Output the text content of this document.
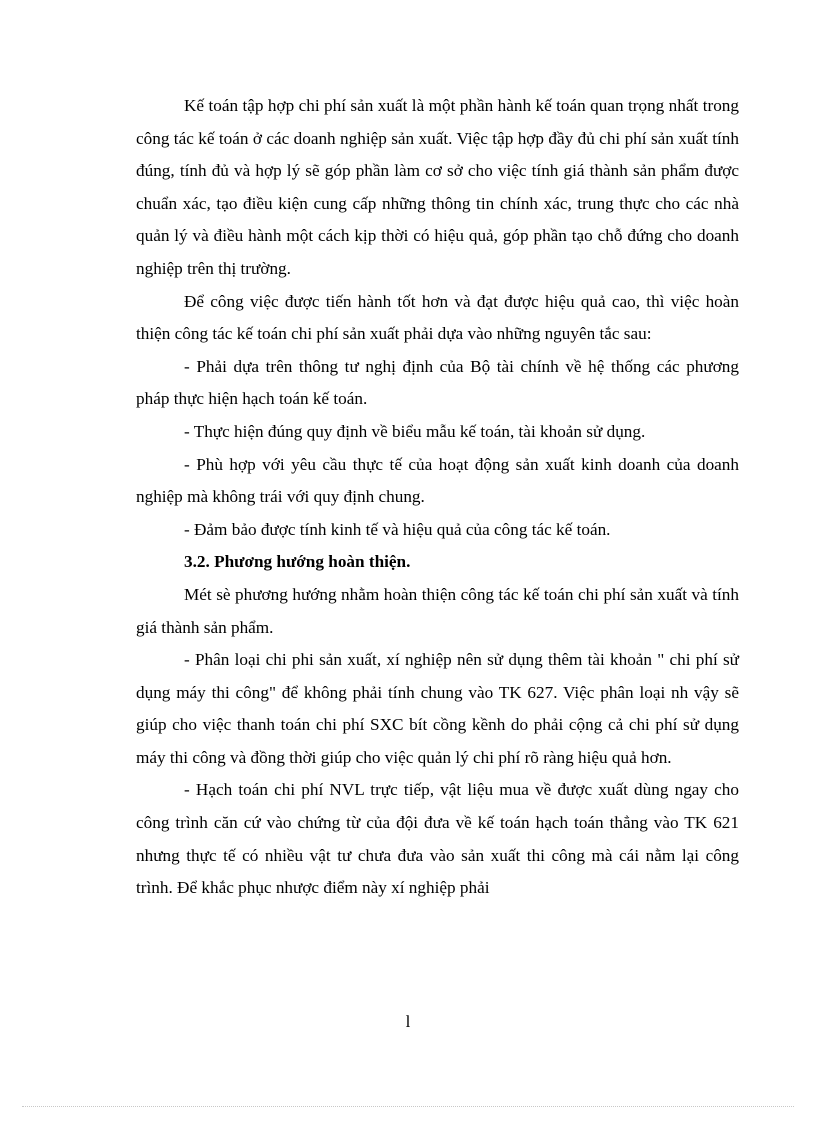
Kế toán tập hợp chi phí sản xuất là một phần hành kế toán quan trọng nhất trong công tác kế toán ở các doanh nghiệp sản xuất. Việc tập hợp đầy đủ chi phí sản xuất tính đúng, tính đủ và hợp lý sẽ góp phần làm cơ sở cho việc tính giá thành sản phẩm được chuẩn xác, tạo điều kiện cung cấp những thông tin chính xác, trung thực cho các nhà quản lý và điều hành một cách kịp thời có hiệu quả, góp phần tạo chỗ đứng cho doanh nghiệp trên thị trường.

Để công việc được tiến hành tốt hơn và đạt được hiệu quả cao, thì việc hoàn thiện công tác kế toán chi phí sản xuất phải dựa vào những nguyên tắc sau:

- Phải dựa trên thông tư nghị định của Bộ tài chính về hệ thống các phương pháp thực hiện hạch toán kế toán.

- Thực hiện đúng quy định về biểu mẫu kế toán, tài khoản sử dụng.

- Phù hợp với yêu cầu thực tế của hoạt động sản xuất kinh doanh của doanh nghiệp mà không trái với quy định chung.

- Đảm bảo được tính kinh tế và hiệu quả của công tác kế toán.

3.2. Phương hướng hoàn thiện.

Mét sè phương hướng nhằm hoàn thiện công tác kế toán chi phí sản xuất và tính giá thành sản phẩm.

- Phân loại chi phi sản xuất, xí nghiệp nên sử dụng thêm tài khoản " chi phí sử dụng máy thi công" để không phải tính chung vào TK 627. Việc phân loại nh vậy sẽ giúp cho việc thanh toán chi phí SXC bít cồng kềnh do phải cộng cả chi phí sử dụng máy thi công và đồng thời giúp cho việc quản lý chi phí rõ ràng hiệu quả hơn.

- Hạch toán chi phí NVL trực tiếp, vật liệu mua về được xuất dùng ngay cho công trình căn cứ vào chứng từ của đội đưa về kế toán hạch toán thẳng vào TK 621 nhưng thực tế có nhiều vật tư chưa đưa vào sản xuất thi công mà cái nằm lại công trình. Để khắc phục nhược điểm này xí nghiệp phải

l
